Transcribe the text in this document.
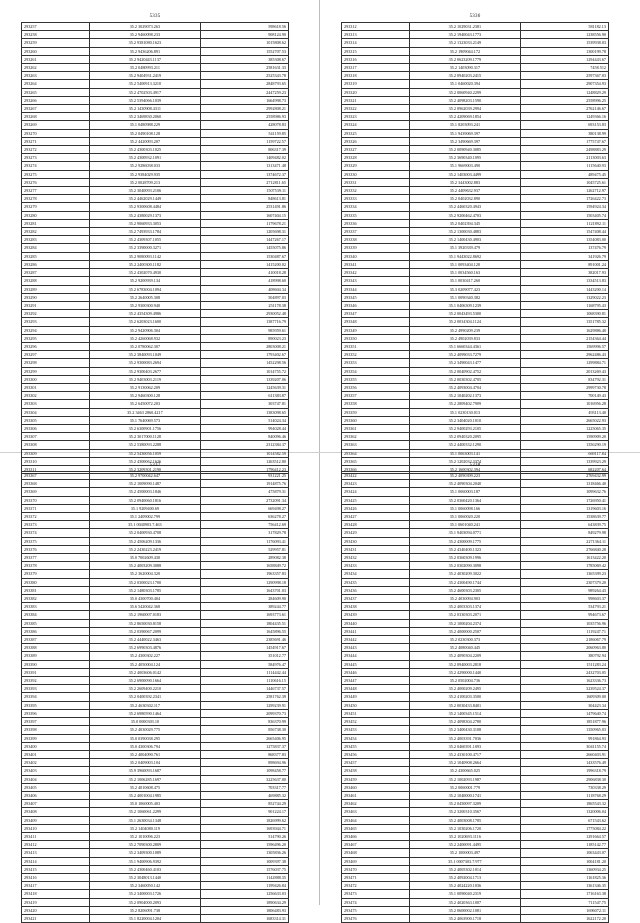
5335
293257	35.2 3029073.263	598618.56
293258	35.2 9460098.233	908124.90
293259	35.2 9381080.1623	1015808.62
293260	35.2 9436206.891	1552707.53
293261	35.2 9420443.1137	385308.67
293262	35.2 0480993.211	2581631.33
293263	35.2 9404931.2419	2525343.78
293264	35.2 5400913.3210	2848793.65
293265	35.2 4702503.4917	2447259.23
293266	35.2 5394066.1039	1664998.73
293267	35.2 1430908.4311	2992808.21
293268	35.2 3469830.2060	2558986.93
293269	35.1 0480988.229	428078.83
293270	35.2 0490108.128	541159.85
293271	35.2 4420093.207	1159722.57
293272	35.2 4300303.1025	806317.39
293273	35.2 4300932.1091	1409482.02
293274	35.2 9286038.033	1313471.48
293275	35.2 9384029.935	1374672.37
293276	35.2 0028709.213	2712811.65
293277	35.2 3040093.2106	1507539.11
293278	35.2 4462029.1449	848613.81
293279	35.2 9300608.4484	2531491.86
293280	35.2 4380029.1373	1607404.15
293281	35.2 9060933.3053	1179678.21
293282	35.2 7493933.1784	1205698.31
293283	35.2 4309307.1055	1447267.17
293284	35.2 3390000.3271	1455075.86
293285	35.2 9080093.1142	1530487.67
293286	35.2 2400300.1182	1415200.02
293287	35.2 4302070.4930	410018.28
293288	35.2 9200939.134	418998.60
293289	35.2 6783004.1094	408604.34
293290	35.2 2640005.308	504897.03
293291	35.2 9300300.940	251178.38
293292	35.2 4354309.4986	2930052.48
293293	35.2 6203023.1600	1387716.79
293294	35.2 9420906.304	985959.61
293295	35.2 4260068.932	890023.23
293296	35.2 0780062.307	2803008.21
293297	35.2 3840093.1049	1793402.67
293298	35.2 9300083.2694	1452298.56
293299	35.2 9300403.2677	1014755.72
293300	35.2 9403003.2119	1339207.06
293301	35.2 9130062.209	1245639.31
293302	35.2 9460300.128	611383.87
293303	35.2 6450072.203	303747.81
293304	35.2 3463 2860.4217	1383098.65
293305	35.1 7640069.573	514024.34
293306	35.2 6300901.1756	994028.44
293307	35.2 3017000.1128	840096.46
293308	35.2 5380093.2288	2312384.37
293309	35.2 5430056.1059	1014582.59
293310	35.2 4300062.1626	1263512.80
293311	35.2 3209301.2190	1796412.23
5336
293312	35.2 1029031.2381	581182.13
293313	35.2 1940043.1773	1238556.90
293314	35.2 1323033.2149	1539938.03
293315	35.2 1909044.172	1300199.78
293316	35.2 0623209.1779	1294443.67
293317	35.2 1403090.317	7458.512
293318	35.2 0940203.2415	2597367.03
293319	35.1 0460020.394	2907354.93
293320	35.2 0060940.2299	1248829.29
293321	35.2 4098203.1590	2558996.25
293322	35.2 0962039.2994	2762146.67
293323	35.2 4209069.1854	1249366.16
293324	35.1 8203093.241	693153.83
293325	35.1 9439069.397	380138.99
293326	35.2 3490669.397	1775747.67
293327	35.2 0090940.3085	2498883.29
293328	35.2 3690340.1095	2113003.63
293329	35.1 9669003.490	1115640.93
293330	35.2 1403003.4499	489475.45
293331	35.2 3443002.883	1045725.61
293332	35.2 4409632.937	1262712.97
293333	35.2 0402032.890	1726422.73
293334	35.2 4460320.4943	1594924.34
293335	35.2 9200462.4703	1503405.74
293336	35.2 0402394.345	1121892.11
293337	35.2 1300030.4883	1547408.44
293338	35.2 1400430.4903	1354083.00
293339	35.1 3920339.479	137476.79
293340	35.1 9443022.8692	341926.79
293341	35.1 0093404.120	891001.24
293342	35.1 0034560.163	382017.93
293343	35.1 0030417.260	1334513.83
293344	35.3 0209077.423	1443200.14
293345	35.1 0090340.382	1329022.23
293346	35.1 0406309.1239	1168795.43
293347	35.2 0043493.5300	1068390.81
293348	35.2 0034304.1124	1351785.32
293349	35.2 4990209.239	1629886.40
293350	35.2 4902039.833	2154364.44
293351	35.1 6660344.4361	1569996.57
293352	35.2 4099033.7279	2962486.43
293353	35.2 3490043.1477	1299884.71
293354	35.2 0040902.4752	2013269.43
293355	35.2 0030302.4705	834792.31
293356	35.2 4093004.4704	2999730.78
293357	35.2 1040202.1373	700149.43
293358	35.2 2809402.7909	1016956.28
293359	35.1 0230130.013	493113.40
293360	35.2 3404020.1010	2665022.93
293361	35.2 9400293.2105	1225065.35
293362	35.2 0940320.2095	1590909.20
293363	35.2 4400332.1290	1356290.19
293364	35.1 0063003.141	669117.84
293365	35.2 1202032.3374	1339923.29
293366	35.2 1600302.394	682207.64
5337
293367	35.2 9700042.647	931221.25
293368	35.2 1009090.1487	1914875.76
293369	35.2 4500003.1846	475879.31
293370	35.2 0940060.1816	2732091.34
293371	35.1 9209400.69	669498.27
293372	35.1 2409002.799	636278.27
293373	35.1 0040903.7.463	756412.69
293374	35.2 0400930.4708	317829.78
293375	35.2 4506209.1336	1176093.41
293376	35.2 2430223.2419	529957.81
293377	35.0 7002609.430	289082.38
293378	35.2 4003209.3088	1658849.72
293379	35.2 3620004.320	1963357.83
293380	35.2 0300023.1700	1290998.18
293381	35.2 1480303.1785	1643701.03
293382	35.0 4300700.404	284609.90
293383	35.6 5420042.368	389244.77
293384	35.2 1960007.0183	1693773.61
293385	35.2 8650030.8158	1804435.51
293386	35.2 0390067.2099	1645896.55
293387	35.2 4440022.3463	2385691.46
293388	35.2 6990303.4876	1454917.67
293389	35.2 4300302.227	351012.77
293390	35.2 4050004.124	584976.47
293391	35.2 4003606.0142	1114442.44
293392	35.2 6900090.1664	1110616.15
293393	35.2 2609400.2210	1446737.57
293394	35.2 0400392.2341	2581762.39
293395	35.2 4630302.117	1299239.91
293396	35.2 6980590.1464	2099370.73
293397	35.0 0000303.10	836370.99
293398	35.2 4030029.775	856738.30
293399	35.0 0390038.295	2665406.95
293400	35.0 4300306.794	1275837.37
293401	35.2 4004090.761	868377.83
293402	35.2 0409003.104	898694.96
293403	35.9 3960093.1687	1098458.77
293404	35.2 1006285.1697	3225637.00
293405	35.2 4010608.475	703317.77
293406	35.2 4001004.1985	469885.32
293407	35.0 1060005.403	852744.29
293408	35.2 1060061.2299	901224.17
293409	35.1 2630034.1348	1826999.62
293410	35.2 1404080.119	1693944.71
293411	35.2 1010096.223	514790.26
293412	35.2 7090300.2809	1596496.20
293413	35.2 3409300.1089	1305836.26
293414	35.1 9400906.9392	1009397.38
293415	35.2 4300460.4103	1576037.75
293416	35.2 3048013.1440	1142888.35
293417	35.2 3460050.142	1199426.84
293418	35.2 3400003.1726	1256633.03
293419	35.2 0904000.2093	1890634.29
293420	35.2 8206091.738	1806483.93
293421	35.1 8220004.1204	1683314.31
5338
293422	35.2 4090399.223	2769432.99
293423	35.2 4090304.2040	1318466.40
293424	35.1 0060003.187	1099632.76
293425	35.2 0360420.1364	1726950.41
293426	35.1 0060098.166	1319603.16
293427	35.1 0060020.220	1538639.77
293428	35.1 0601040.241	643839.75
293429	35.1 9403094.0771	849279.98
293430	35.2 4300009.1775	2271364.11
293431	35.2 4340400.1323	2766840.28
293432	35.2 0360309.1996	1613422.20
293433	35.2 0302090.3098	1785069.42
293434	35.2 4030209.3022	1365399.23
293435	35.2 4300490.1744	2307379.20
293436	35.2 4600303.2305	989264.43
293437	35.2 4030094.903	998603.37
293438	35.2 4003303.1374	534793.21
293439	35.2 0330303.2071	994673.67
293440	35.2 1000204.2374	1035756.96
293441	35.2 4000000.2507	1119247.71
293442	35.2 0230300.373	2186067.79
293443	35.2 4080040.445	2060963.80
293444	35.2 4090304.2209	380792.94
293445	35.2 0940003.2818	1511283.24
293446	35.2 4290000.1440	2432703.05
293447	35.2 0502004.736	1623336.73
293448	35.2 4000209.2495	3239524.37
293449	35.2 4100203.3500	1609309.00
293450	35.2 0030433.8401	304423.34
293451	35.2 1400345.1514	1479640.74
293452	35.2 4098304.2780	1851877.96
293453	35.2 3400430.3108	1350965.03
293454	35.2 4003391.7036	991864.93
293455	35.2 0460391.1093	3041155.74
293456	35.2 4330100.4717	2660403.91
293457	35.2 1040908.2664	1433576.49
293458	35.2 4300665.025	1996318.79
293459	35.2 1002093.1987	2906838.30
293460	35.2 0060001.779	730338.29
293461	35.2 1040000.1741	1118768.29
293462	35.2 0450097.3209	1865543.32
293463	35.2 3200310.3567	1320006.04
293464	35.2 4003008.1785	671543.62
293465	35.2 1030206.1720	1775084.22
293466	35.2 1020693.1116	1291664.57
293467	35.2 2400091.4495	1185142.77
293468	35.2 1000003.497	1063443.07
293469	35.1 0007303.7.977	1004181.20
293470	35.2 4005302.1014	1360934.25
293471	35.2 4092004.1713	1161825.36
293472	35.2 4024220.1036	1361346.35
293473	35.1 0090040.2319	1716163.38
293474	35.2 4020363.1007	711547.75
293475	35.2 0600002.1081	1696072.11
293476	35.2 4063900.1718	1622172.20
